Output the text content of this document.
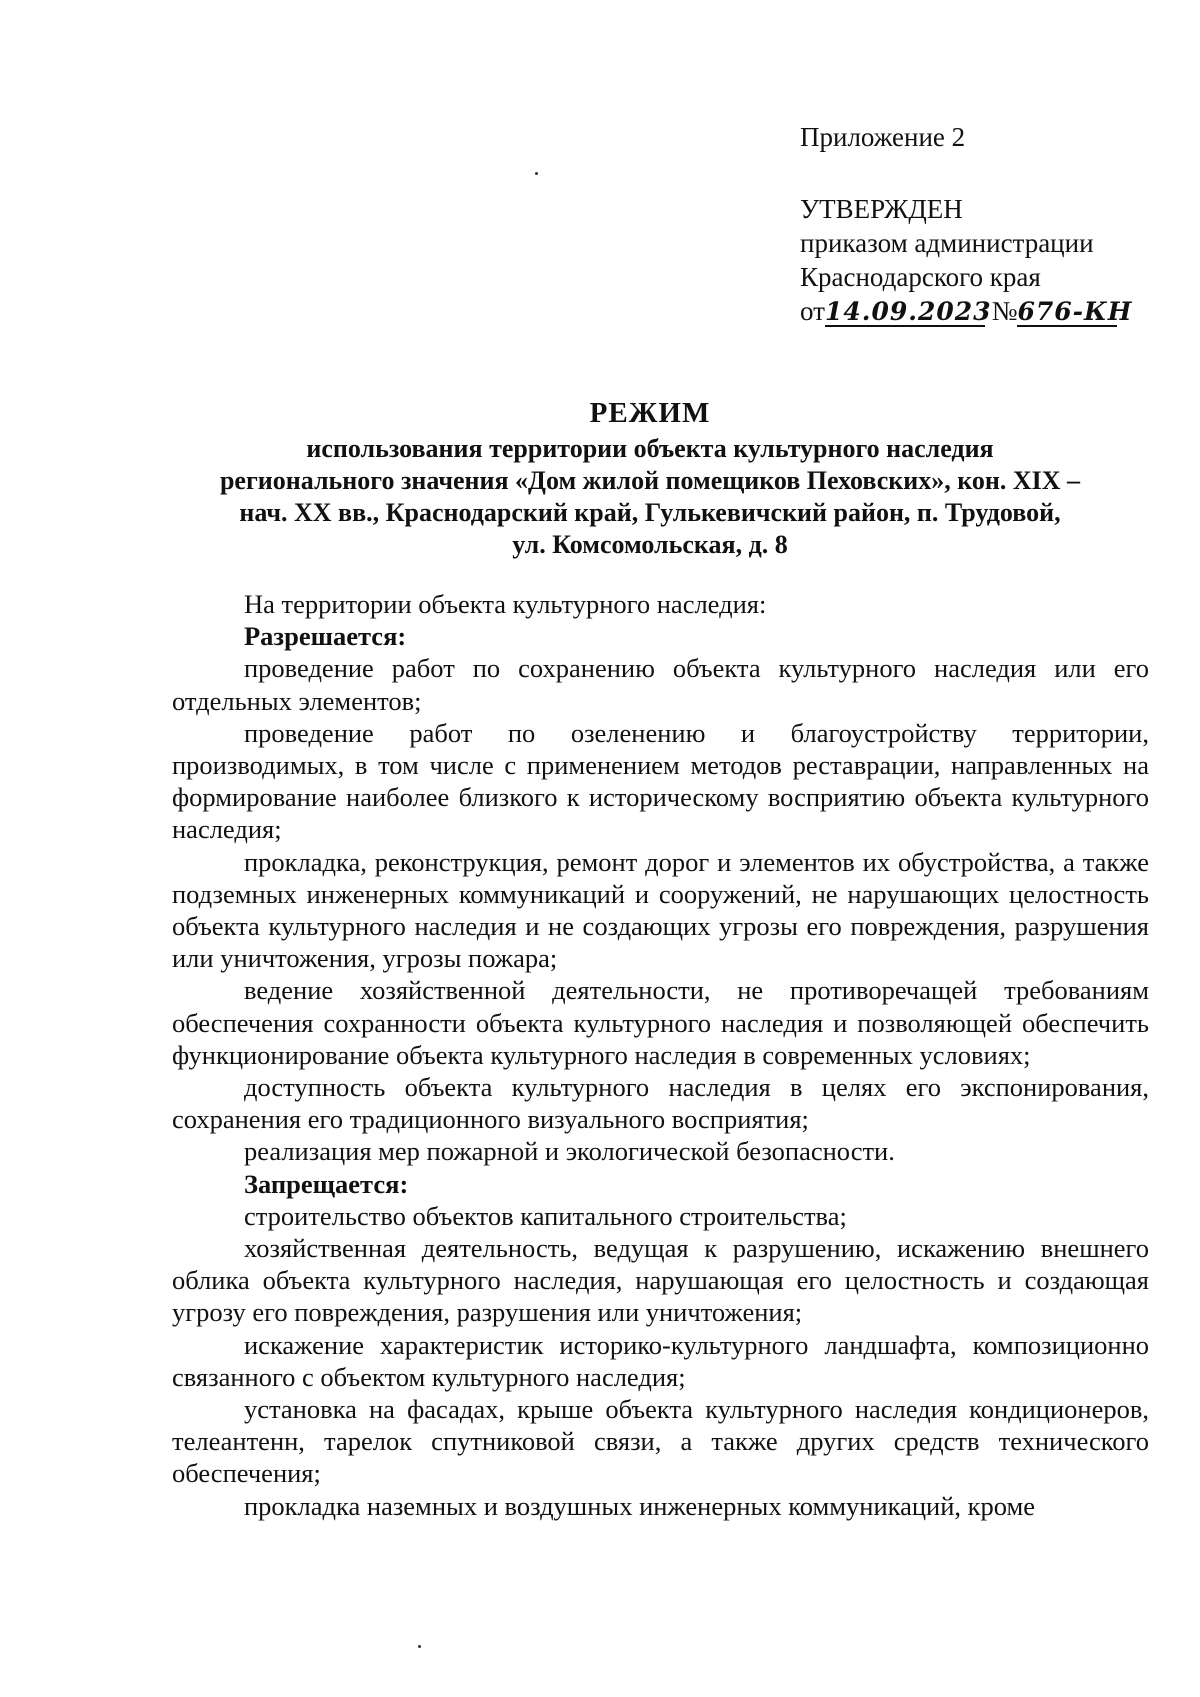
Приложение 2
УТВЕРЖДЕН
приказом администрации
Краснодарского края
от14.09.2023 №676-КН
РЕЖИМ
использования территории объекта культурного наследия
регионального значения «Дом жилой помещиков Пеховских», кон. XIX –
нач. XX вв., Краснодарский край, Гулькевичский район, п. Трудовой,
ул. Комсомольская, д. 8

На территории объекта культурного наследия:

Разрешается:

проведение работ по сохранению объекта культурного наследия или его отдельных элементов;

проведение работ по озеленению и благоустройству территории, производимых, в том числе с применением методов реставрации, направленных на формирование наиболее близкого к историческому восприятию объекта культурного наследия;

прокладка, реконструкция, ремонт дорог и элементов их обустройства, а также подземных инженерных коммуникаций и сооружений, не нарушающих целостность объекта культурного наследия и не создающих угрозы его повреждения, разрушения или уничтожения, угрозы пожара;

ведение хозяйственной деятельности, не противоречащей требованиям обеспечения сохранности объекта культурного наследия и позволяющей обеспечить функционирование объекта культурного наследия в современных условиях;

доступность объекта культурного наследия в целях его экспонирования, сохранения его традиционного визуального восприятия;

реализация мер пожарной и экологической безопасности.

Запрещается:

строительство объектов капитального строительства;

хозяйственная деятельность, ведущая к разрушению, искажению внешнего облика объекта культурного наследия, нарушающая его целостность и создающая угрозу его повреждения, разрушения или уничтожения;

искажение характеристик историко-культурного ландшафта, композиционно связанного с объектом культурного наследия;

установка на фасадах, крыше объекта культурного наследия кондиционеров, телеантенн, тарелок спутниковой связи, а также других средств технического обеспечения;

прокладка наземных и воздушных инженерных коммуникаций, кроме
